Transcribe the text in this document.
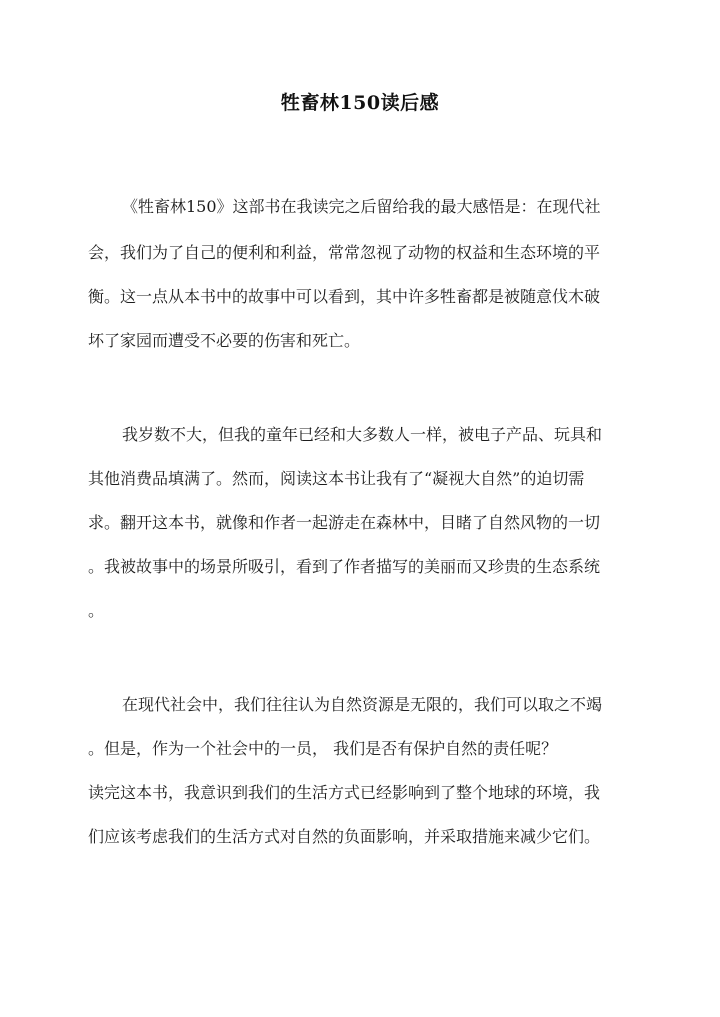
牲畜林150读后感
《牲畜林150》这部书在我读完之后留给我的最大感悟是：在现代社
会，我们为了自己的便利和利益，常常忽视了动物的权益和生态环境的平
衡。这一点从本书中的故事中可以看到，其中许多牲畜都是被随意伐木破
坏了家园而遭受不必要的伤害和死亡。
我岁数不大，但我的童年已经和大多数人一样，被电子产品、玩具和
其他消费品填满了。然而，阅读这本书让我有了“凝视大自然”的迫切需
求。翻开这本书，就像和作者一起游走在森林中，目睹了自然风物的一切
。我被故事中的场景所吸引，看到了作者描写的美丽而又珍贵的生态系统
。
在现代社会中，我们往往认为自然资源是无限的，我们可以取之不竭
。但是，作为一个社会中的一员， 我们是否有保护自然的责任呢？
读完这本书，我意识到我们的生活方式已经影响到了整个地球的环境，我
们应该考虑我们的生活方式对自然的负面影响，并采取措施来减少它们。
